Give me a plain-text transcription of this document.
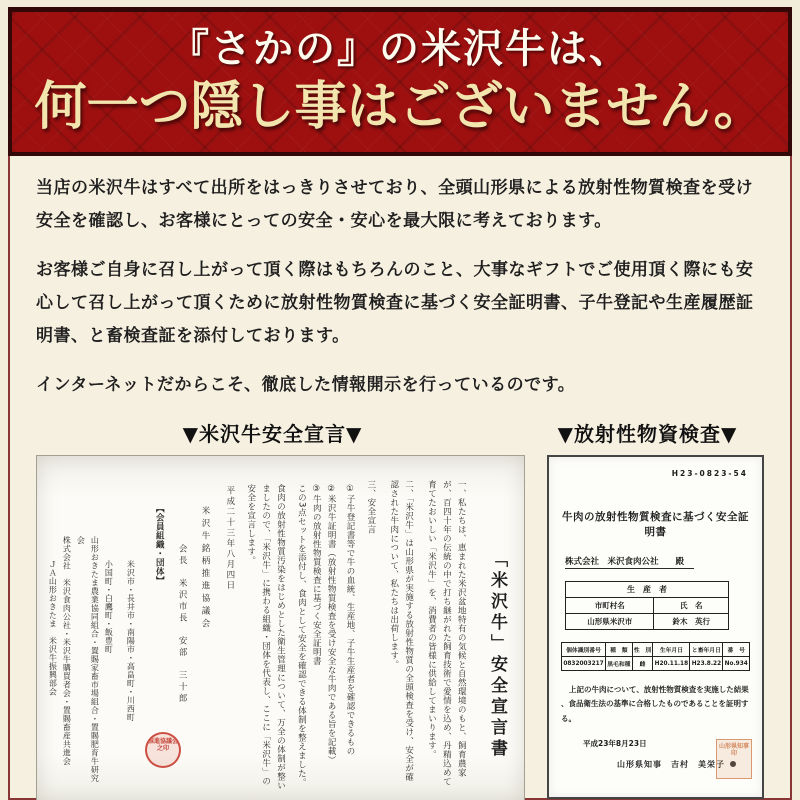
『さかの』の米沢牛は、
何一つ隠し事はございません。

当店の米沢牛はすべて出所をはっきりさせており、全頭山形県による放射性物質検査を受け安全を確認し、お客様にとっての安全・安心を最大限に考えております。

お客様ご自身に召し上がって頂く際はもちろんのこと、大事なギフトでご使用頂く際にも安心して召し上がって頂くために放射性物質検査に基づく安全証明書、子牛登記や生産履歴証明書、と畜検査証を添付しております。

インターネットだからこそ、徹底した情報開示を行っているのです。

▼米沢牛安全宣言▼	▼放射性物資検査▼
「米沢牛」安全宣言書
一、私たちは、恵まれた米沢盆地特有の気候と自然環境のもと、飼育農家が、百四十年の伝統の中で打ち継がれた飼育技術で愛情を込め、丹精込めて育てたおいしい「米沢牛」を、消費者の皆様に供給してまいります。
二、「米沢牛」は山形県が実施する放射性物質の全頭検査を受け、安全が確認された牛肉について、私たちは出荷します。
三、安全宣言
①子牛登記書等で牛の血統、生産地、子牛生産者を確認できるもの
②米沢牛証明書（放射性物質検査を受け安全な牛肉である旨を記載）
③牛肉の放射性物質検査に基づく安全証明書
この3点セットを添付し、食肉として安全を確認できる体制を整えました。
食肉の放射性物質汚染をはじめとした衛生管理について、万全の体制が整いましたので、「米沢牛」に携わる組織・団体を代表し、ここに「米沢牛」の安全を宣言します。
平成二十三年八月四日
米沢牛銘柄推進協議会
会長　米沢市長　安部　三十郎
【会員組織・団体】
米沢市・長井市・南陽市・高畠町・川西町
小国町・白鷹町・飯豊町
山形おきたま農業協同組合・置賜家畜市場組合・置賜肥育牛研究会
株式会社　米沢食肉公社・米沢牛購買者会・置賜畜産共進会
ＪＡ山形おきたま　米沢牛振興部会
推進協議会之印
H23-0823-54
牛肉の放射性物質検査に基づく安全証明書
株式会社　米沢食肉公社　　殿
生　産　者	
市町村名	氏　名
山形県米沢市	鈴木　英行
個体識別番号	種　類	性　別	生年月日	と畜年月日	番　号
0832003217	黒毛和種	雌	H20.11.18	H23.8.22	No.934
上記の牛肉について、放射性物質検査を実施した結果、食品衛生法の基準に合格したものであることを証明する。
平成23年8月23日
山形県知事　吉村　美栄子
山形県知事印
